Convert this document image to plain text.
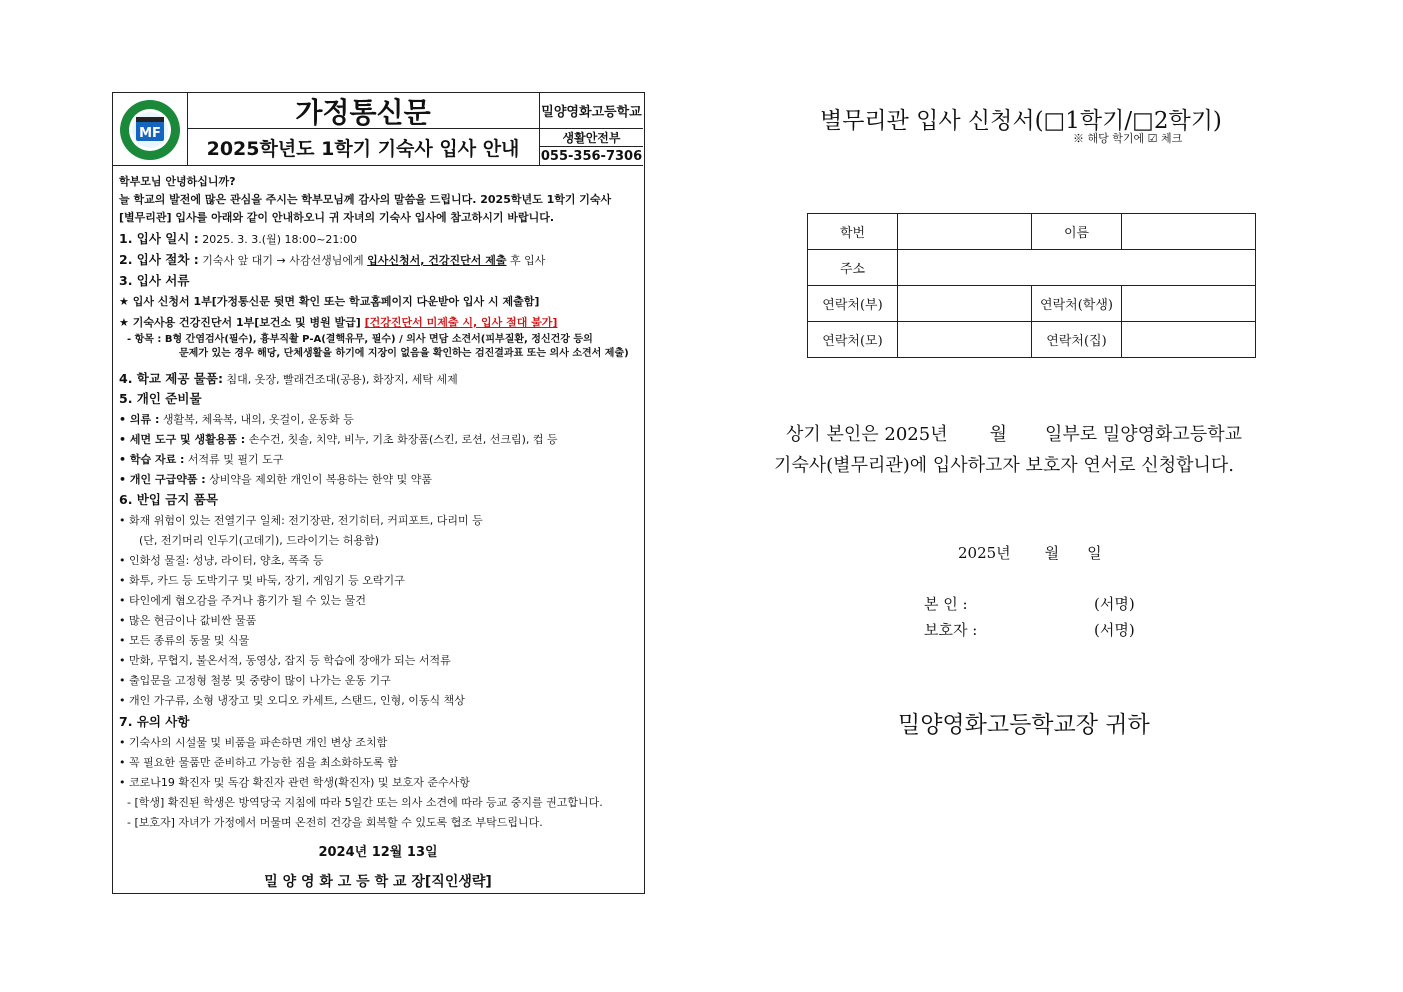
MF
가정통신문
2025학년도 1학기 기숙사 입사 안내
밀양영화고등학교
생활안전부
055-356-7306
학부모님 안녕하십니까?
늘 학교의 발전에 많은 관심을 주시는 학부모님께 감사의 말씀을 드립니다. 2025학년도 1학기 기숙사
[별무리관] 입사를 아래와 같이 안내하오니 귀 자녀의 기숙사 입사에 참고하시기 바랍니다.
1. 입사 일시 : 2025. 3. 3.(월) 18:00~21:00
2. 입사 절차 : 기숙사 앞 대기 → 사감선생님에게 입사신청서, 건강진단서 제출 후 입사
3. 입사 서류
★ 입사 신청서 1부[가정통신문 뒷면 확인 또는 학교홈페이지 다운받아 입사 시 제출함]
★ 기숙사용 건강진단서 1부[보건소 및 병원 발급] [건강진단서 미제출 시, 입사 절대 불가]
- 항목 : B형 간염검사(필수), 흉부직촬 P-A(결핵유무, 필수) / 의사 면담 소견서(피부질환, 정신건강 등의
문제가 있는 경우 해당, 단체생활을 하기에 지장이 없음을 확인하는 검진결과표 또는 의사 소견서 제출)
4. 학교 제공 물품: 침대, 옷장, 빨래건조대(공용), 화장지, 세탁 세제
5. 개인 준비물
• 의류 : 생활복, 체육복, 내의, 옷걸이, 운동화 등
• 세면 도구 및 생활용품 : 손수건, 칫솔, 치약, 비누, 기초 화장품(스킨, 로션, 선크림), 컵 등
• 학습 자료 : 서적류 및 필기 도구
• 개인 구급약품 : 상비약을 제외한 개인이 복용하는 한약 및 약품
6. 반입 금지 품목
• 화재 위험이 있는 전열기구 일체: 전기장판, 전기히터, 커피포트, 다리미 등
(단, 전기머리 인두기(고데기), 드라이기는 허용함)
• 인화성 물질: 성냥, 라이터, 양초, 폭죽 등
• 화투, 카드 등 도박기구 및 바둑, 장기, 게임기 등 오락기구
• 타인에게 혐오감을 주거나 흉기가 될 수 있는 물건
• 많은 현금이나 값비싼 물품
• 모든 종류의 동물 및 식물
• 만화, 무협지, 불온서적, 동영상, 잡지 등 학습에 장애가 되는 서적류
• 출입문을 고정형 철봉 및 중량이 많이 나가는 운동 기구
• 개인 가구류, 소형 냉장고 및 오디오 카세트, 스탠드, 인형, 이동식 책상
7. 유의 사항
• 기숙사의 시설물 및 비품을 파손하면 개인 변상 조치함
• 꼭 필요한 물품만 준비하고 가능한 짐을 최소화하도록 함
• 코로나19 확진자 및 독감 확진자 관련 학생(확진자) 및 보호자 준수사항
- [학생] 확진된 학생은 방역당국 지침에 따라 5일간 또는 의사 소견에 따라 등교 중지를 권고합니다.
- [보호자] 자녀가 가정에서 머물며 온전히 건강을 회복할 수 있도록 협조 부탁드립니다.
2024년 12월 13일
밀 양 영 화 고 등 학 교 장[직인생략]
별무리관 입사 신청서(□1학기/□2학기)
※ 해당 학기에 ☑ 체크
학번		이름	
주소			
연락처(부)		연락처(학생)	
연락처(모)		연락처(집)	
상기 본인은 2025년 월 일부로 밀양영화고등학교
기숙사(별무리관)에 입사하고자 보호자 연서로 신청합니다.
2025년 월 일
본 인 :	(서명)
보호자 :	(서명)
밀양영화고등학교장 귀하
